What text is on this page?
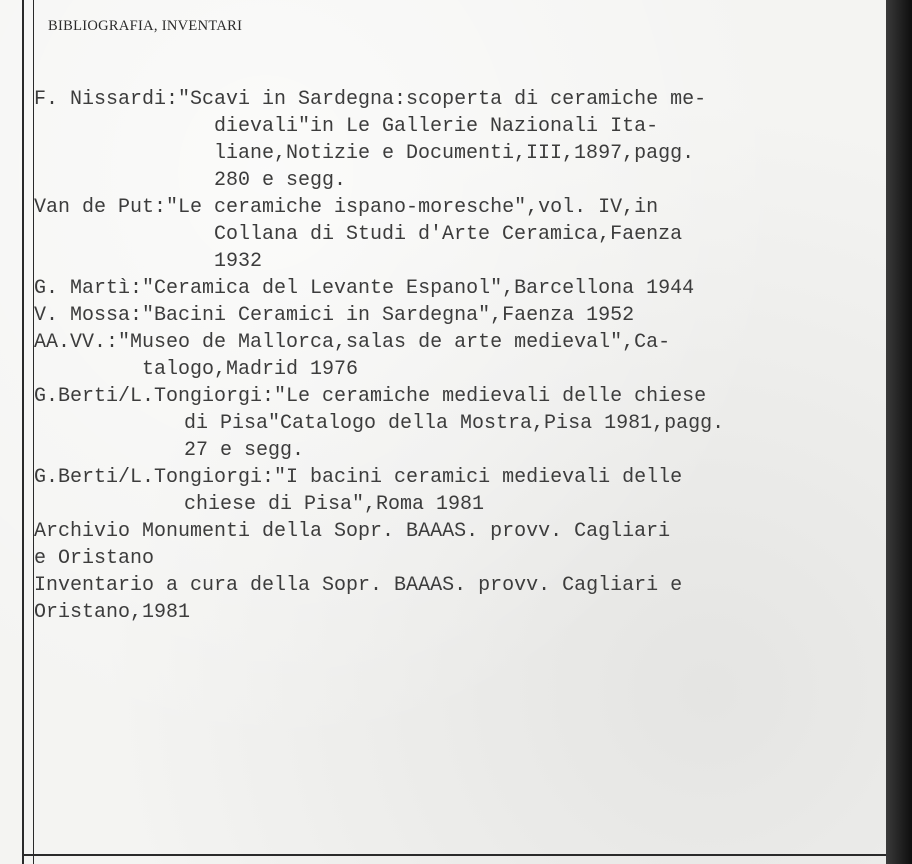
BIBLIOGRAFIA, INVENTARI
F. Nissardi:"Scavi in Sardegna:scoperta di ceramiche me-
dievali"in Le Gallerie Nazionali Ita-
liane,Notizie e Documenti,III,1897,pagg.
280 e segg.
Van de Put:"Le ceramiche ispano-moresche",vol. IV,in
Collana di Studi d'Arte Ceramica,Faenza
1932
G. Martì:"Ceramica del Levante Espanol",Barcellona 1944
V. Mossa:"Bacini Ceramici in Sardegna",Faenza 1952
AA.VV.:"Museo de Mallorca,salas de arte medieval",Ca-
talogo,Madrid 1976
G.Berti/L.Tongiorgi:"Le ceramiche medievali delle chiese
di Pisa"Catalogo della Mostra,Pisa 1981,pagg.
27 e segg.
G.Berti/L.Tongiorgi:"I bacini ceramici medievali delle
chiese di Pisa",Roma 1981
Archivio Monumenti della Sopr. BAAAS. provv. Cagliari
e Oristano
Inventario a cura della Sopr. BAAAS. provv. Cagliari e
Oristano,1981
